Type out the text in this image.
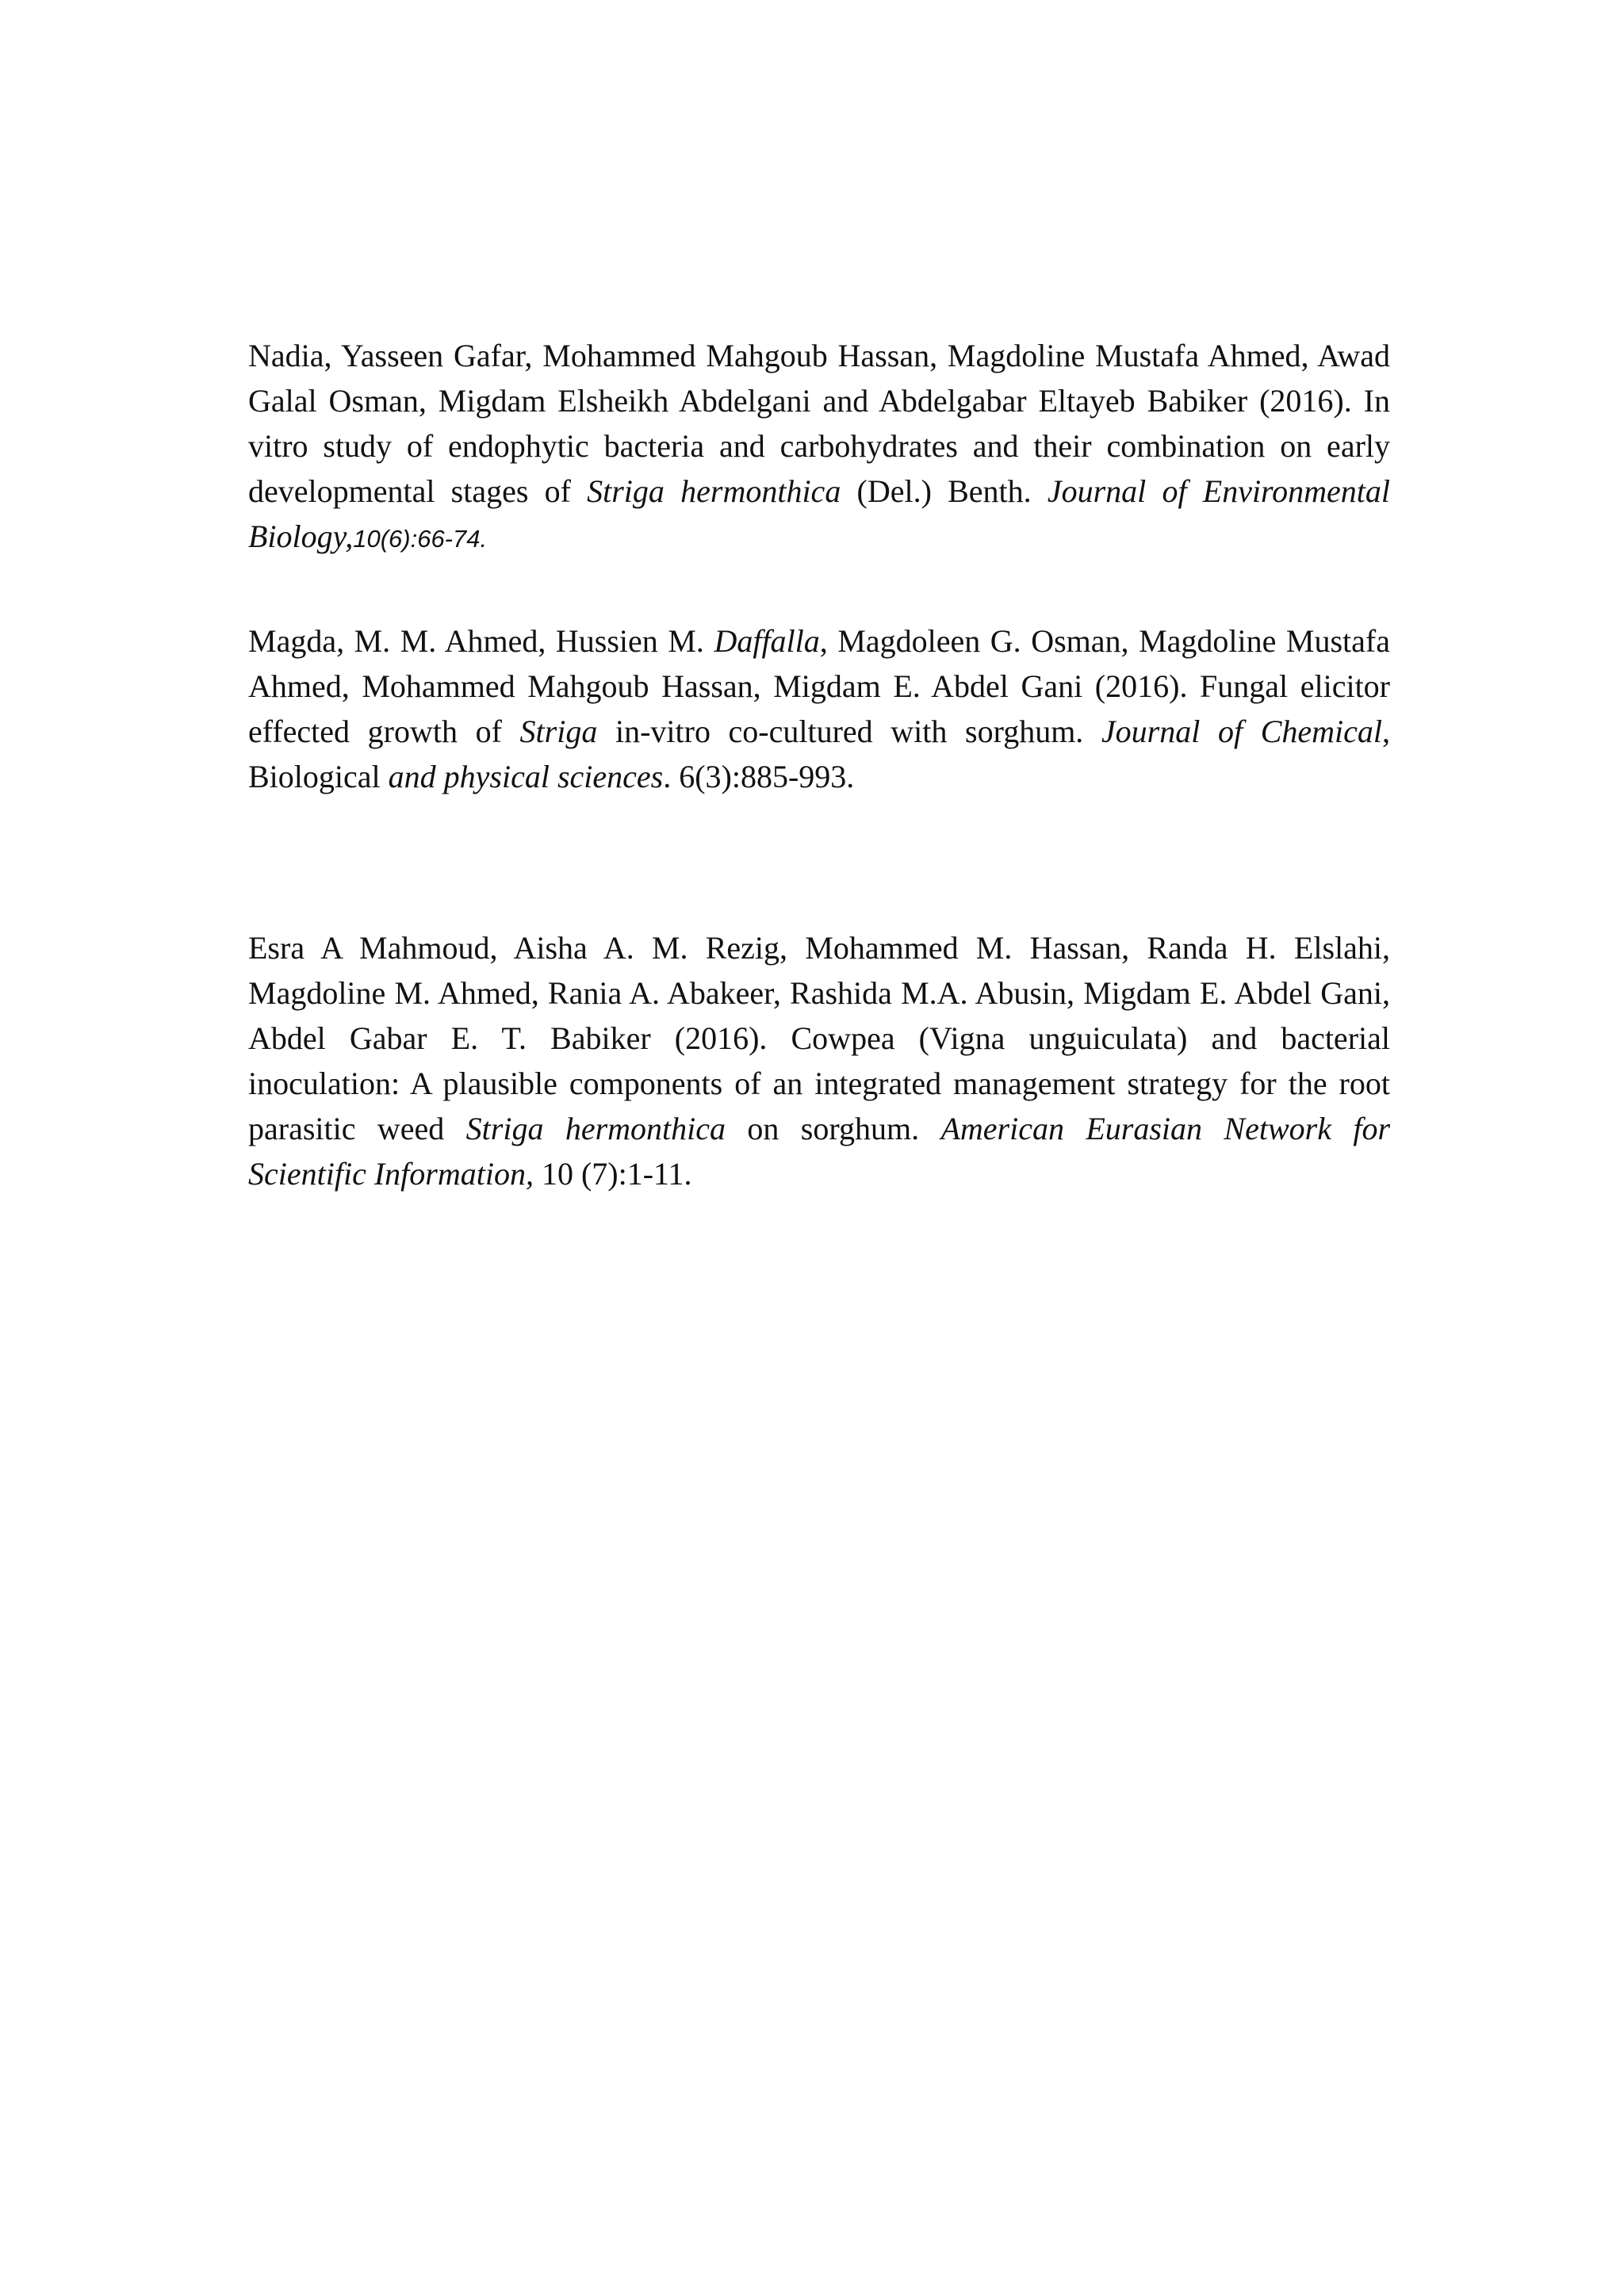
Nadia, Yasseen Gafar, Mohammed Mahgoub Hassan, Magdoline Mustafa Ahmed, Awad Galal Osman, Migdam Elsheikh Abdelgani and Abdelgabar Eltayeb Babiker (2016). In vitro study of endophytic bacteria and carbohydrates and their combination on early developmental stages of Striga hermonthica (Del.) Benth. Journal of Environmental Biology,10(6):66-74.

Magda, M. M. Ahmed, Hussien M. Daffalla, Magdoleen G. Osman, Magdoline Mustafa Ahmed, Mohammed Mahgoub Hassan, Migdam E. Abdel Gani (2016). Fungal elicitor effected growth of Striga in-vitro co-cultured with sorghum. Journal of Chemical, Biological and physical sciences. 6(3):885-993.

Esra A Mahmoud, Aisha A. M. Rezig, Mohammed M. Hassan, Randa H. Elslahi, Magdoline M. Ahmed, Rania A. Abakeer, Rashida M.A. Abusin, Migdam E. Abdel Gani, Abdel Gabar E. T. Babiker (2016). Cowpea (Vigna unguiculata) and bacterial inoculation: A plausible components of an integrated management strategy for the root parasitic weed Striga hermonthica on sorghum. American Eurasian Network for Scientific Information, 10 (7):1-11.
